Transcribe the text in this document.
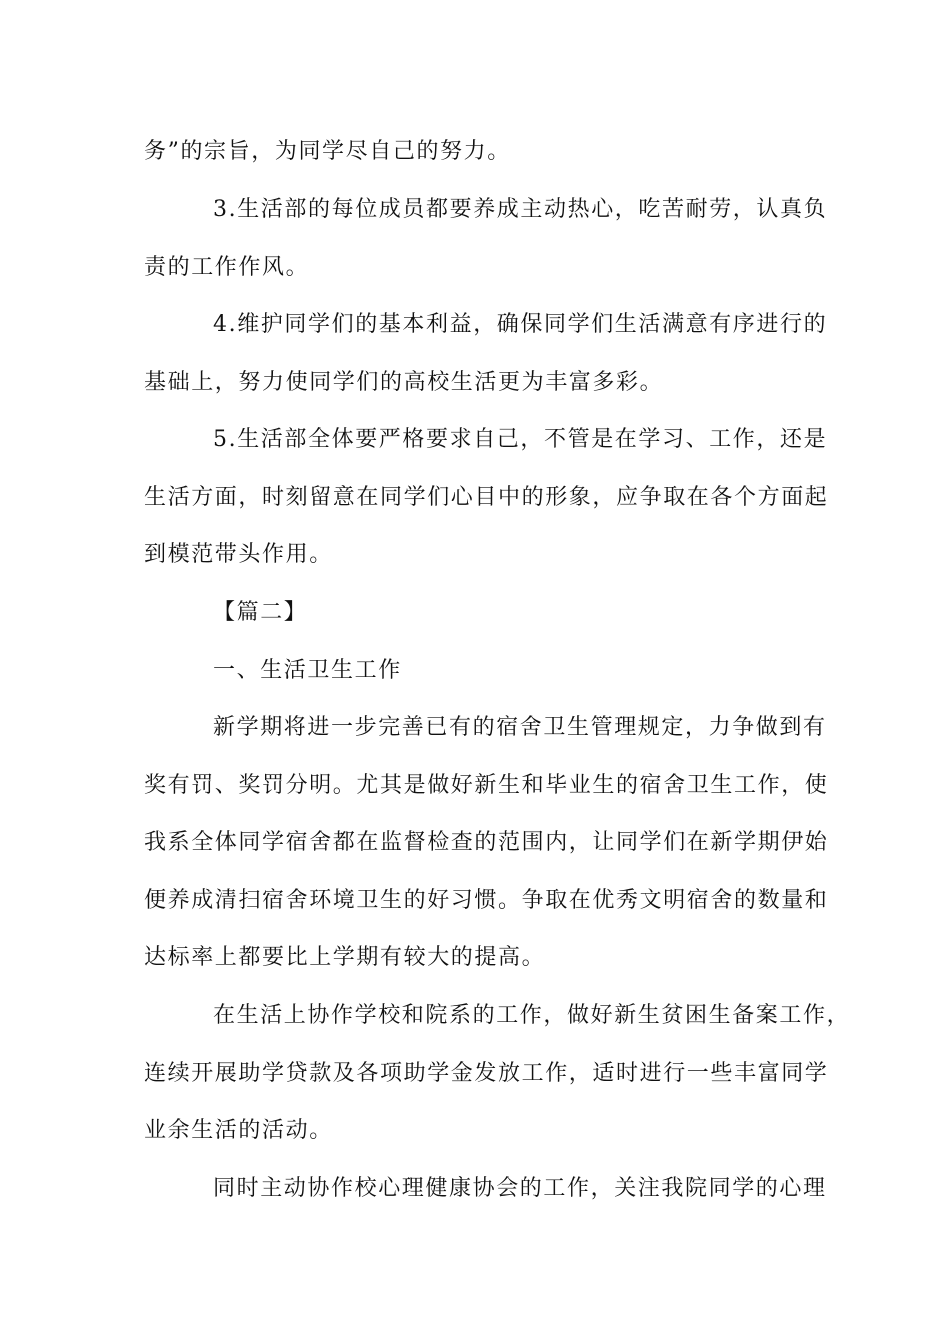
务”的宗旨，为同学尽自己的努力。
3.生活部的每位成员都要养成主动热心，吃苦耐劳，认真负
责的工作作风。
4.维护同学们的基本利益，确保同学们生活满意有序进行的
基础上，努力使同学们的高校生活更为丰富多彩。
5.生活部全体要严格要求自己，不管是在学习、工作，还是
生活方面，时刻留意在同学们心目中的形象，应争取在各个方面起
到模范带头作用。
【篇二】
一、生活卫生工作
新学期将进一步完善已有的宿舍卫生管理规定，力争做到有
奖有罚、奖罚分明。尤其是做好新生和毕业生的宿舍卫生工作，使
我系全体同学宿舍都在监督检查的范围内，让同学们在新学期伊始
便养成清扫宿舍环境卫生的好习惯。争取在优秀文明宿舍的数量和
达标率上都要比上学期有较大的提高。
在生活上协作学校和院系的工作，做好新生贫困生备案工作，
连续开展助学贷款及各项助学金发放工作，适时进行一些丰富同学
业余生活的活动。
同时主动协作校心理健康协会的工作，关注我院同学的心理
